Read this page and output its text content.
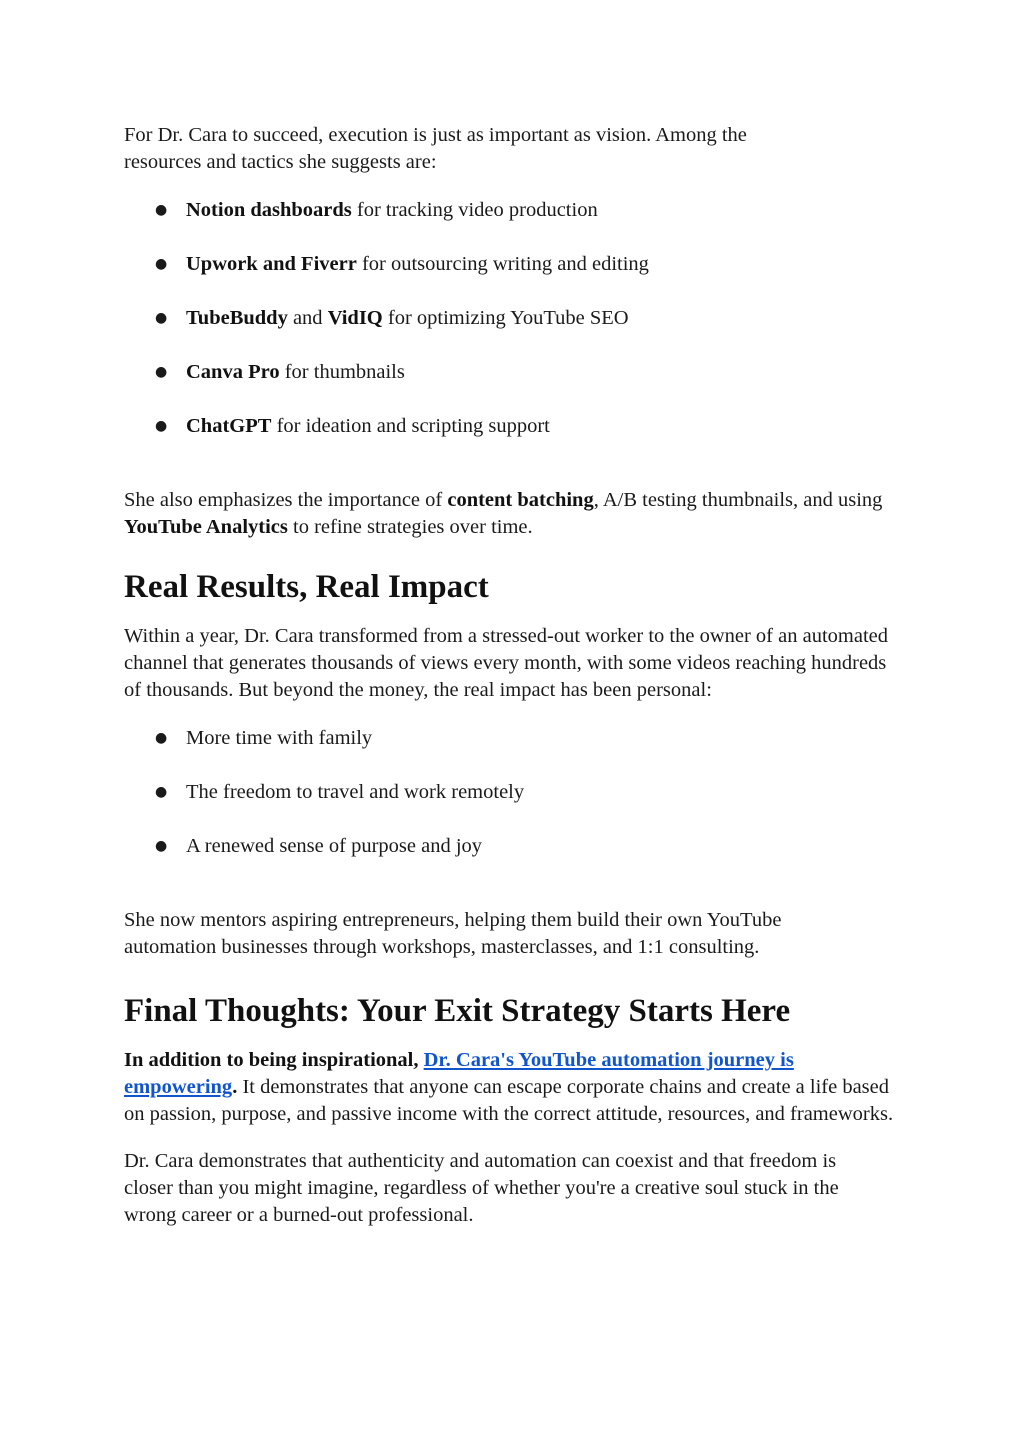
For Dr. Cara to succeed, execution is just as important as vision. Among the resources and tactics she suggests are:

● Notion dashboards for tracking video production
● Upwork and Fiverr for outsourcing writing and editing
● TubeBuddy and VidIQ for optimizing YouTube SEO
● Canva Pro for thumbnails
● ChatGPT for ideation and scripting support

She also emphasizes the importance of content batching, A/B testing thumbnails, and using YouTube Analytics to refine strategies over time.

Real Results, Real Impact

Within a year, Dr. Cara transformed from a stressed-out worker to the owner of an automated channel that generates thousands of views every month, with some videos reaching hundreds of thousands. But beyond the money, the real impact has been personal:

● More time with family
● The freedom to travel and work remotely
● A renewed sense of purpose and joy

She now mentors aspiring entrepreneurs, helping them build their own YouTube automation businesses through workshops, masterclasses, and 1:1 consulting.

Final Thoughts: Your Exit Strategy Starts Here

In addition to being inspirational, Dr. Cara's YouTube automation journey is empowering. It demonstrates that anyone can escape corporate chains and create a life based on passion, purpose, and passive income with the correct attitude, resources, and frameworks.

Dr. Cara demonstrates that authenticity and automation can coexist and that freedom is closer than you might imagine, regardless of whether you're a creative soul stuck in the wrong career or a burned-out professional.
